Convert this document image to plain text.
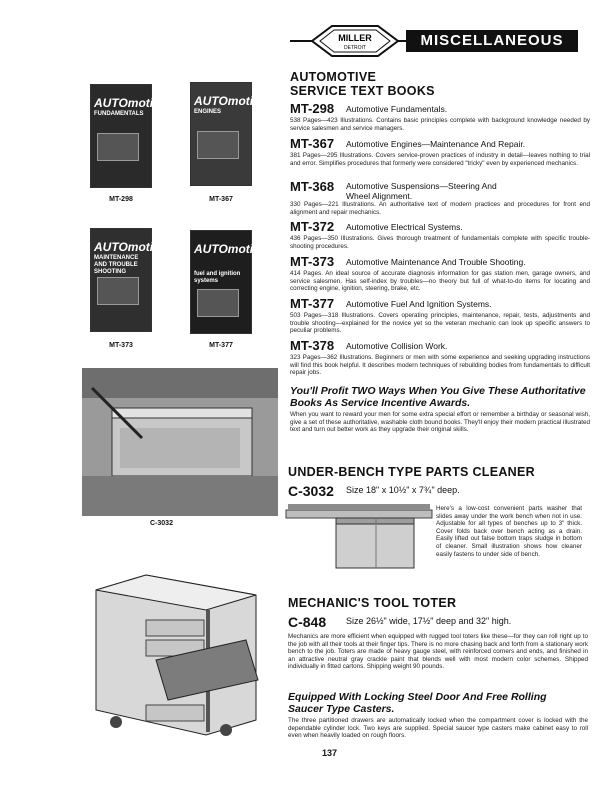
MILLER
DETROIT	MISCELLANEOUS
AUTOmotive
FUNDAMENTALS
MT-298
AUTOmotive
ENGINES
MT-367
AUTOmotive
MAINTENANCE AND TROUBLE SHOOTING
MT-373
AUTOmotive
fuel and ignition systems
MT-377
C-3032
AUTOMOTIVE
SERVICE TEXT BOOKS
MT-298 Automotive Fundamentals.
538 Pages—423 Illustrations. Contains basic principles complete with background knowledge needed by service salesmen and service managers.
MT-367 Automotive Engines—Maintenance And Repair.
381 Pages—295 Illustrations. Covers service-proven practices of industry in detail—leaves nothing to trial and error. Simplifies procedures that formerly were considered "tricky" even by experienced mechanics.
MT-368 Automotive Suspensions—Steering And Wheel Alignment.
330 Pages—221 Illustrations. An authoritative text of modern practices and procedures for front end alignment and repair mechanics.
MT-372 Automotive Electrical Systems.
436 Pages—350 Illustrations. Gives thorough treatment of fundamentals complete with specific trouble-shooting procedures.
MT-373 Automotive Maintenance And Trouble Shooting.
414 Pages. An ideal source of accurate diagnosis information for gas station men, garage owners, and service salesmen. Has self-index by troubles—no theory but full of what-to-do items for locating and correcting engine, ignition, steering, brake, etc.
MT-377 Automotive Fuel And Ignition Systems.
503 Pages—318 Illustrations. Covers operating principles, maintenance, repair, tests, adjustments and trouble shooting—explained for the novice yet so the veteran mechanic can look up specific answers to peculiar problems.
MT-378 Automotive Collision Work.
323 Pages—362 Illustrations. Beginners or men with some experience and seeking upgrading instructions will find this book helpful. It describes modern techniques of rebuilding bodies from fundamentals to difficult repair jobs.
You'll Profit TWO Ways When You Give These Authoritative Books As Service Incentive Awards.
When you want to reward your men for some extra special effort or remember a birthday or seasonal wish, give a set of these authoritative, washable cloth bound books. They'll enjoy their modern practical illustrated text and turn out better work as they upgrade their original skills.
UNDER-BENCH TYPE PARTS CLEANER
C-3032 Size 18" x 10½" x 7¾" deep.
Here's a low-cost convenient parts washer that slides away under the work bench when not in use. Adjustable for all types of benches up to 3" thick. Cover folds back over bench acting as a drain. Easily lifted out false bottom traps sludge in bottom of cleaner. Small illustration shows how cleaner easily fastens to under side of bench.
MECHANIC'S TOOL TOTER
C-848 Size 26½" wide, 17½" deep and 32" high.
Mechanics are more efficient when equipped with rugged tool toters like these—for they can roll right up to the job with all their tools at their finger tips. There is no more chasing back and forth from a stationary work bench to the job. Toters are made of heavy gauge steel, with reinforced corners and ends, and finished in an attractive neutral gray crackle paint that blends well with most modern color schemes. Shipped individually in fitted cartons. Shipping weight 90 pounds.
Equipped With Locking Steel Door And Free Rolling Saucer Type Casters.
The three partitioned drawers are automatically locked when the compartment cover is locked with the dependable cylinder lock. Two keys are supplied. Special saucer type casters make cabinet easy to roll even when heavily loaded on rough floors.
137
